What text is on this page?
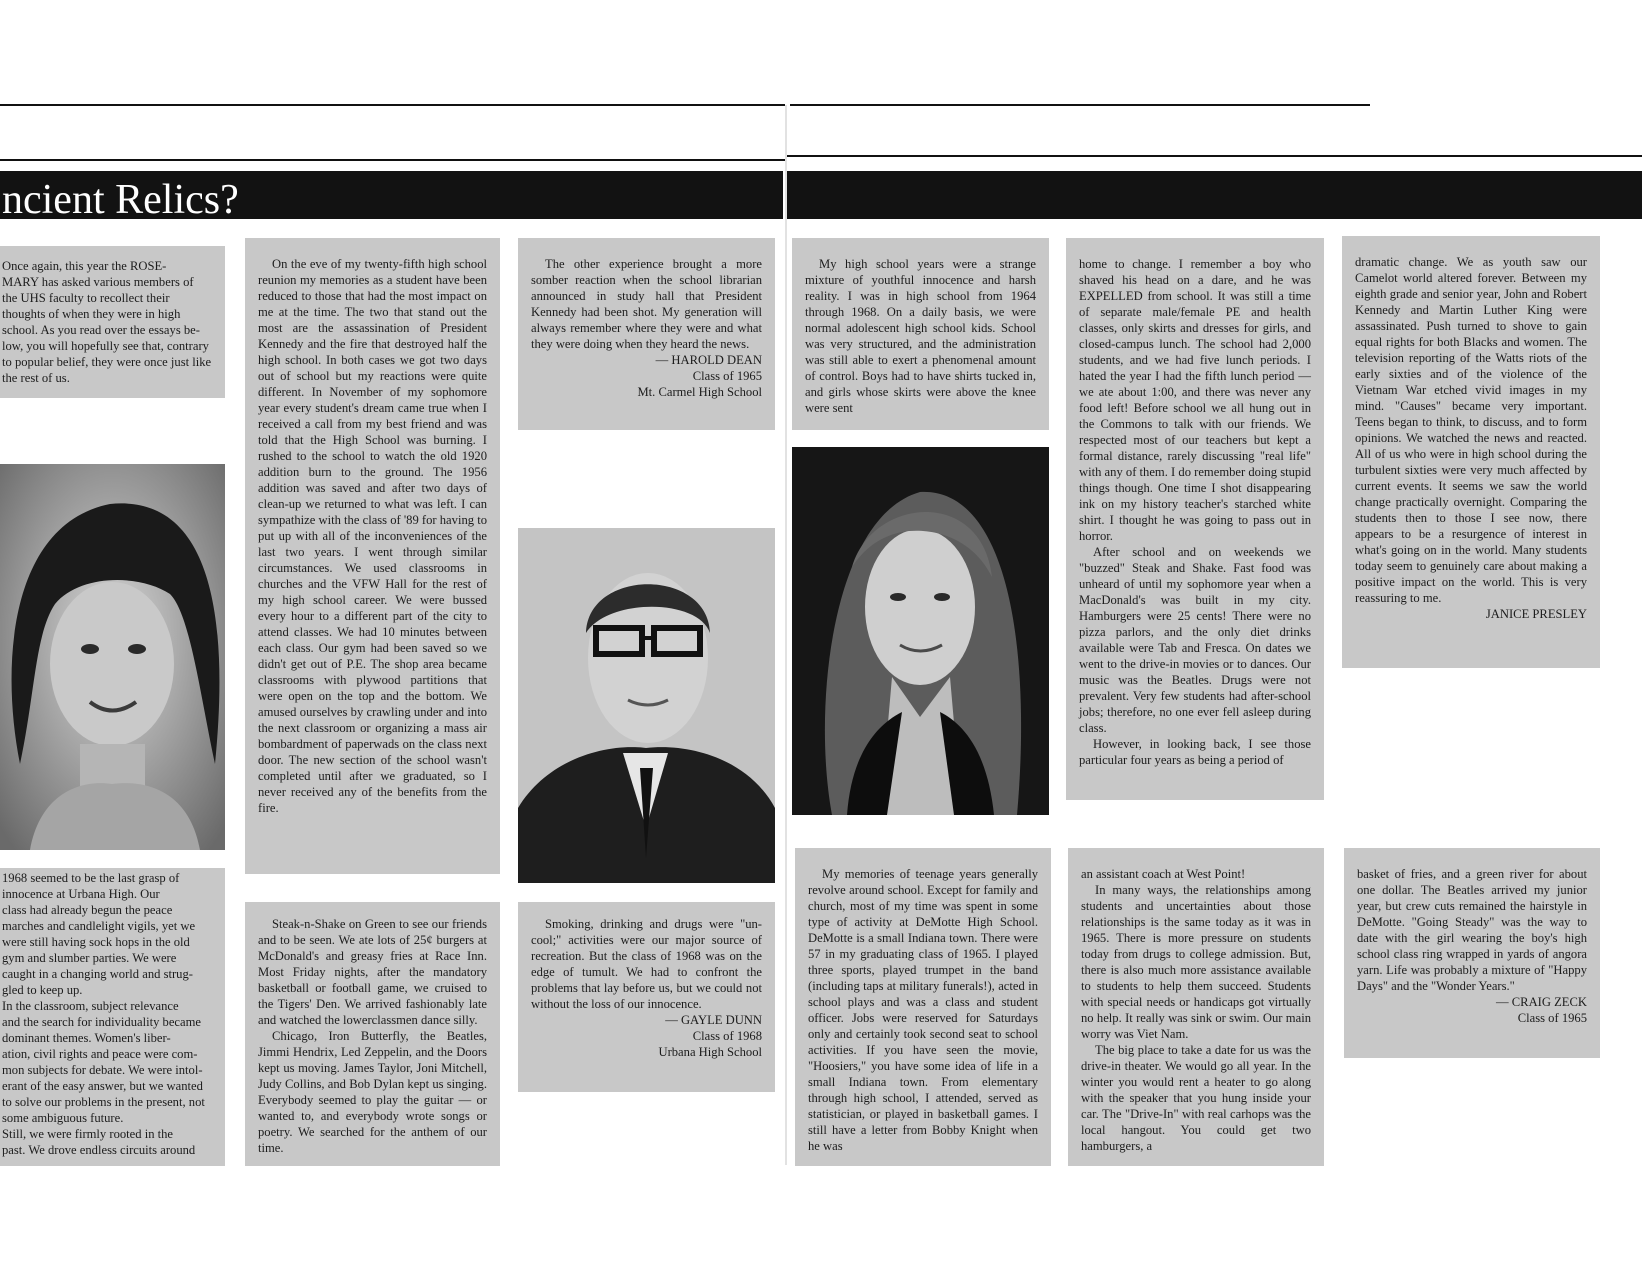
ncient Relics?
Once again, this year the ROSE-
MARY has asked various members of
the UHS faculty to recollect their
thoughts of when they were in high
school. As you read over the essays be-
low, you will hopefully see that, contrary
to popular belief, they were once just like
the rest of us.

On the eve of my twenty-fifth high school reunion my memories as a student have been reduced to those that had the most impact on me at the time. The two that stand out the most are the assassination of President Kennedy and the fire that destroyed half the high school. In both cases we got two days out of school but my reactions were quite different. In November of my sophomore year every student's dream came true when I received a call from my best friend and was told that the High School was burning. I rushed to the school to watch the old 1920 addition burn to the ground. The 1956 addition was saved and after two days of clean-up we returned to what was left. I can sympathize with the class of '89 for having to put up with all of the inconveniences of the last two years. I went through similar circumstances. We used classrooms in churches and the VFW Hall for the rest of my high school career. We were bussed every hour to a different part of the city to attend classes. We had 10 minutes between each class. Our gym had been saved so we didn't get out of P.E. The shop area became classrooms with plywood partitions that were open on the top and the bottom. We amused ourselves by crawling under and into the next classroom or organizing a mass air bombardment of paperwads on the class next door. The new section of the school wasn't completed until after we graduated, so I never received any of the benefits from the fire.

The other experience brought a more somber reaction when the school librarian announced in study hall that President Kennedy had been shot. My generation will always remember where they were and what they were doing when they heard the news.

— HAROLD DEAN
Class of 1965
Mt. Carmel High School
1968 seemed to be the last grasp of
innocence at Urbana High. Our
class had already begun the peace
marches and candlelight vigils, yet we
were still having sock hops in the old
gym and slumber parties. We were
caught in a changing world and strug-
gled to keep up.
In the classroom, subject relevance
and the search for individuality became
dominant themes. Women's liber-
ation, civil rights and peace were com-
mon subjects for debate. We were intol-
erant of the easy answer, but we wanted
to solve our problems in the present, not
some ambiguous future.
Still, we were firmly rooted in the
past. We drove endless circuits around

Steak-n-Shake on Green to see our friends and to be seen. We ate lots of 25¢ burgers at McDonald's and greasy fries at Race Inn. Most Friday nights, after the mandatory basketball or football game, we cruised to the Tigers' Den. We arrived fashionably late and watched the lowerclassmen dance silly.

Chicago, Iron Butterfly, the Beatles, Jimmi Hendrix, Led Zeppelin, and the Doors kept us moving. James Taylor, Joni Mitchell, Judy Collins, and Bob Dylan kept us singing. Everybody seemed to play the guitar — or wanted to, and everybody wrote songs or poetry. We searched for the anthem of our time.

Smoking, drinking and drugs were "un-cool;" activities were our major source of recreation. But the class of 1968 was on the edge of tumult. We had to confront the problems that lay before us, but we could not without the loss of our innocence.

— GAYLE DUNN
Class of 1968
Urbana High School

My high school years were a strange mixture of youthful innocence and harsh reality. I was in high school from 1964 through 1968. On a daily basis, we were normal adolescent high school kids. School was very structured, and the administration was still able to exert a phenomenal amount of control. Boys had to have shirts tucked in, and girls whose skirts were above the knee were sent

home to change. I remember a boy who shaved his head on a dare, and he was EXPELLED from school. It was still a time of separate male/female PE and health classes, only skirts and dresses for girls, and closed-campus lunch. The school had 2,000 students, and we had five lunch periods. I hated the year I had the fifth lunch period — we ate about 1:00, and there was never any food left! Before school we all hung out in the Commons to talk with our friends. We respected most of our teachers but kept a formal distance, rarely discussing "real life" with any of them. I do remember doing stupid things though. One time I shot disappearing ink on my history teacher's starched white shirt. I thought he was going to pass out in horror.

After school and on weekends we "buzzed" Steak and Shake. Fast food was unheard of until my sophomore year when a MacDonald's was built in my city. Hamburgers were 25 cents! There were no pizza parlors, and the only diet drinks available were Tab and Fresca. On dates we went to the drive-in movies or to dances. Our music was the Beatles. Drugs were not prevalent. Very few students had after-school jobs; therefore, no one ever fell asleep during class.

However, in looking back, I see those particular four years as being a period of

dramatic change. We as youth saw our Camelot world altered forever. Between my eighth grade and senior year, John and Robert Kennedy and Martin Luther King were assassinated. Push turned to shove to gain equal rights for both Blacks and women. The television reporting of the Watts riots of the early sixties and of the violence of the Vietnam War etched vivid images in my mind. "Causes" became very important. Teens began to think, to discuss, and to form opinions. We watched the news and reacted. All of us who were in high school during the turbulent sixties were very much affected by current events. It seems we saw the world change practically overnight. Comparing the students then to those I see now, there appears to be a resurgence of interest in what's going on in the world. Many students today seem to genuinely care about making a positive impact on the world. This is very reassuring to me.

JANICE PRESLEY

My memories of teenage years generally revolve around school. Except for family and church, most of my time was spent in some type of activity at DeMotte High School. DeMotte is a small Indiana town. There were 57 in my graduating class of 1965. I played three sports, played trumpet in the band (including taps at military funerals!), acted in school plays and was a class and student officer. Jobs were reserved for Saturdays only and certainly took second seat to school activities. If you have seen the movie, "Hoosiers," you have some idea of life in a small Indiana town. From elementary through high school, I attended, served as statistician, or played in basketball games. I still have a letter from Bobby Knight when he was

an assistant coach at West Point!

In many ways, the relationships among students and uncertainties about those relationships is the same today as it was in 1965. There is more pressure on students today from drugs to college admission. But, there is also much more assistance available to students to help them succeed. Students with special needs or handicaps got virtually no help. It really was sink or swim. Our main worry was Viet Nam.

The big place to take a date for us was the drive-in theater. We would go all year. In the winter you would rent a heater to go along with the speaker that you hung inside your car. The "Drive-In" with real carhops was the local hangout. You could get two hamburgers, a

basket of fries, and a green river for about one dollar. The Beatles arrived my junior year, but crew cuts remained the hairstyle in DeMotte. "Going Steady" was the way to date with the girl wearing the boy's high school class ring wrapped in yards of angora yarn. Life was probably a mixture of "Happy Days" and the "Wonder Years."

— CRAIG ZECK
Class of 1965
